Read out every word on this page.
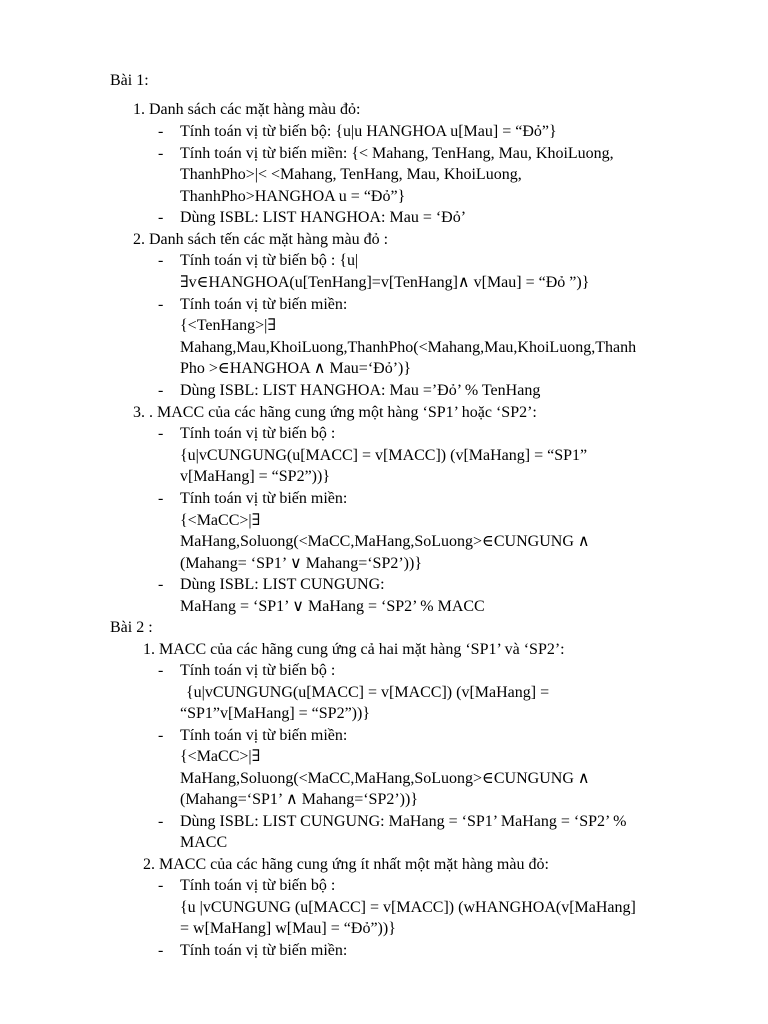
Bài 1:
1. Danh sách các mặt hàng màu đỏ:
- Tính toán vị từ biến bộ: {u|u HANGHOA u[Mau] = “Đỏ”}
- Tính toán vị từ biến miền: {< Mahang, TenHang, Mau, KhoiLuong,
ThanhPho>|< <Mahang, TenHang, Mau, KhoiLuong,
ThanhPho>HANGHOA u = “Đỏ”}
- Dùng ISBL: LIST HANGHOA: Mau = ‘Đỏ’
2. Danh sách tến các mặt hàng màu đỏ :
- Tính toán vị từ biến bộ : {u|
∃v∈HANGHOA(u[TenHang]=v[TenHang]∧ v[Mau] = “Đỏ ”)}
- Tính toán vị từ biến miền:
{<TenHang>|∃
Mahang,Mau,KhoiLuong,ThanhPho(<Mahang,Mau,KhoiLuong,Thanh
Pho >∈HANGHOA ∧ Mau=‘Đỏ’)}
- Dùng ISBL: LIST HANGHOA: Mau =’Đỏ’ % TenHang
3. . MACC của các hãng cung ứng một hàng ‘SP1’ hoặc ‘SP2’:
- Tính toán vị từ biến bộ :
{u|vCUNGUNG(u[MACC] = v[MACC]) (v[MaHang] = “SP1”
v[MaHang] = “SP2”))}
- Tính toán vị từ biến miền:
{<MaCC>|∃
MaHang,Soluong(<MaCC,MaHang,SoLuong>∈CUNGUNG ∧
(Mahang= ‘SP1’ ∨ Mahang=‘SP2’))}
- Dùng ISBL: LIST CUNGUNG:
MaHang = ‘SP1’ ∨ MaHang = ‘SP2’ % MACC
Bài 2 :
1. MACC của các hãng cung ứng cả hai mặt hàng ‘SP1’ và ‘SP2’:
- Tính toán vị từ biến bộ :
{u|vCUNGUNG(u[MACC] = v[MACC]) (v[MaHang] =
“SP1”v[MaHang] = “SP2”))}
- Tính toán vị từ biến miền:
{<MaCC>|∃
MaHang,Soluong(<MaCC,MaHang,SoLuong>∈CUNGUNG ∧
(Mahang=‘SP1’ ∧ Mahang=‘SP2’))}
- Dùng ISBL: LIST CUNGUNG: MaHang = ‘SP1’ MaHang = ‘SP2’ %
MACC
2. MACC của các hãng cung ứng ít nhất một mặt hàng màu đỏ:
- Tính toán vị từ biến bộ :
{u |vCUNGUNG (u[MACC] = v[MACC]) (wHANGHOA(v[MaHang]
= w[MaHang] w[Mau] = “Đỏ”))}
- Tính toán vị từ biến miền:
